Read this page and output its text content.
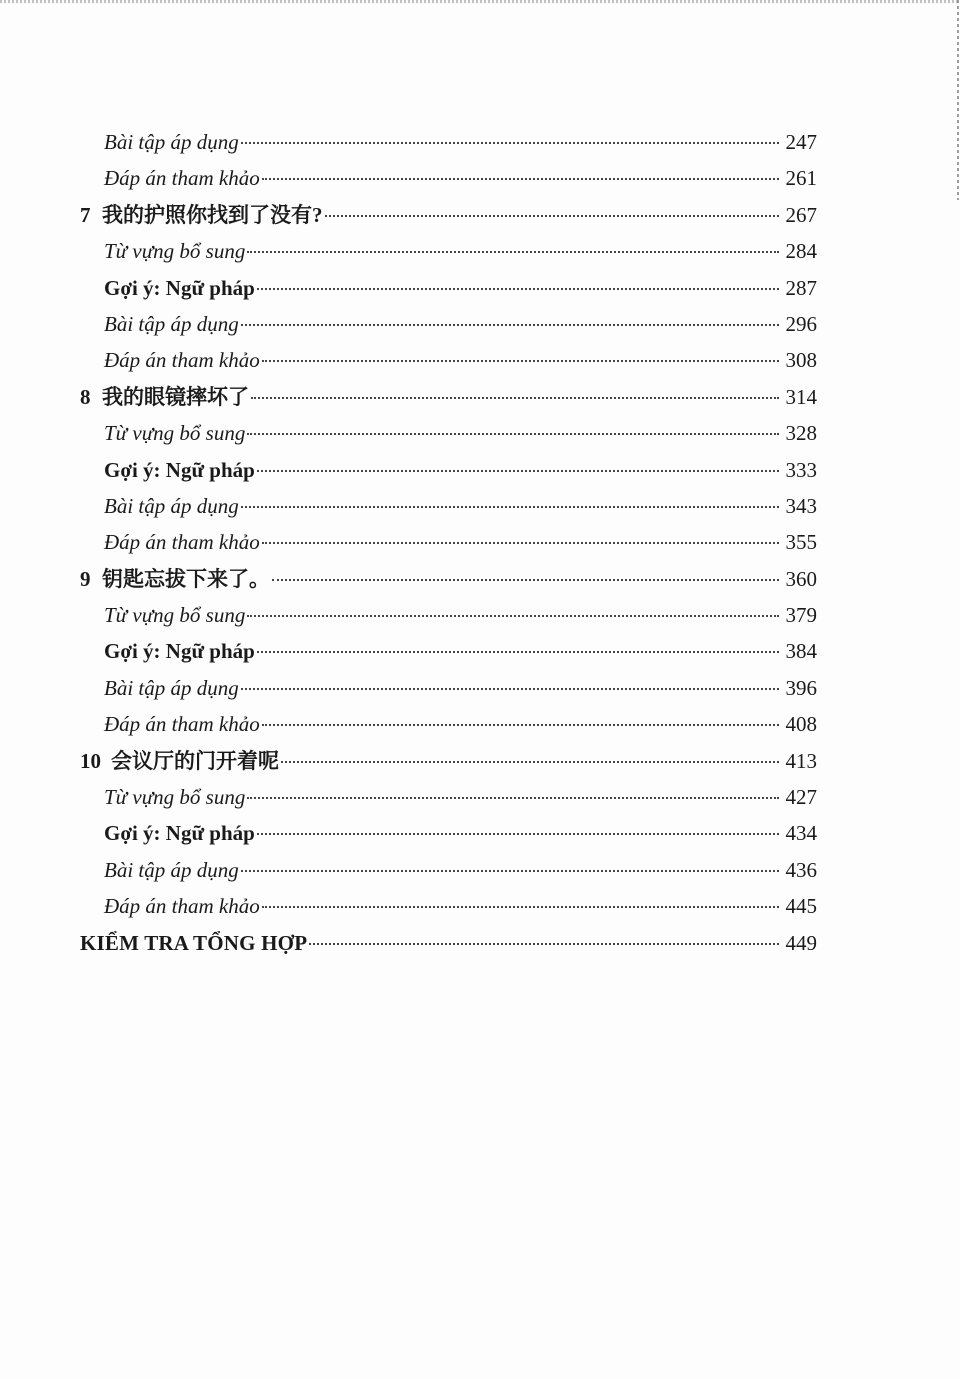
Bài tập áp dụng	247
Đáp án tham khảo	261
7 我的护照你找到了没有?	267
Từ vựng bổ sung	284
Gợi ý: Ngữ pháp	287
Bài tập áp dụng	296
Đáp án tham khảo	308
8 我的眼镜摔坏了	314
Từ vựng bổ sung	328
Gợi ý: Ngữ pháp	333
Bài tập áp dụng	343
Đáp án tham khảo	355
9 钥匙忘拔下来了。	360
Từ vựng bổ sung	379
Gợi ý: Ngữ pháp	384
Bài tập áp dụng	396
Đáp án tham khảo	408
10 会议厅的门开着呢	413
Từ vựng bổ sung	427
Gợi ý: Ngữ pháp	434
Bài tập áp dụng	436
Đáp án tham khảo	445
KIỂM TRA TỔNG HỢP	449
